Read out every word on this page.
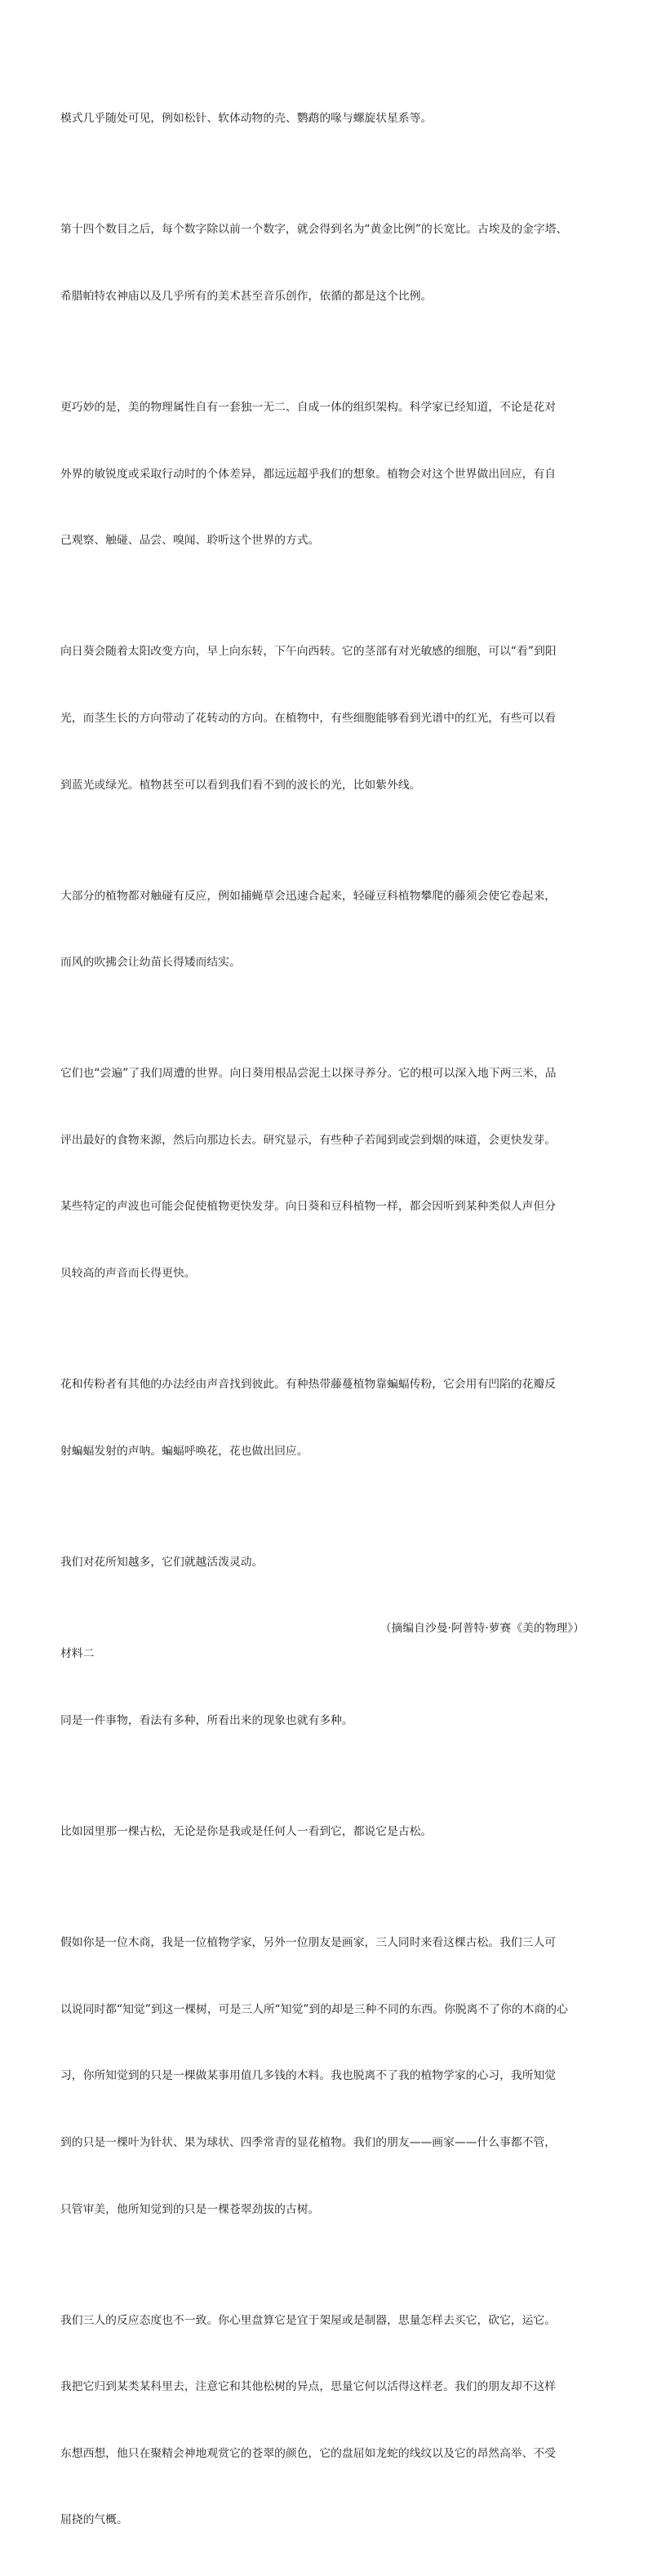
模式几乎随处可见，例如松针、软体动物的壳、鹦鹉的喙与螺旋状星系等。

第十四个数目之后，每个数字除以前一个数字，就会得到名为“黄金比例”的长宽比。古埃及的金字塔、

希腊帕特农神庙以及几乎所有的美术甚至音乐创作，依循的都是这个比例。

更巧妙的是，美的物理属性自有一套独一无二、自成一体的组织架构。科学家已经知道，不论是花对

外界的敏锐度或采取行动时的个体差异，都远远超乎我们的想象。植物会对这个世界做出回应，有自

己观察、触碰、品尝、嗅闻、聆听这个世界的方式。

向日葵会随着太阳改变方向，早上向东转，下午向西转。它的茎部有对光敏感的细胞，可以“看”到阳

光，而茎生长的方向带动了花转动的方向。在植物中，有些细胞能够看到光谱中的红光，有些可以看

到蓝光或绿光。植物甚至可以看到我们看不到的波长的光，比如紫外线。

大部分的植物都对触碰有反应，例如捕蝇草会迅速合起来，轻碰豆科植物攀爬的藤须会使它卷起来，

而风的吹拂会让幼苗长得矮而结实。

它们也“尝遍”了我们周遭的世界。向日葵用根品尝泥土以探寻养分。它的根可以深入地下两三米，品

评出最好的食物来源，然后向那边长去。研究显示，有些种子若闻到或尝到烟的味道，会更快发芽。

某些特定的声波也可能会促使植物更快发芽。向日葵和豆科植物一样，都会因听到某种类似人声但分

贝较高的声音而长得更快。

花和传粉者有其他的办法经由声音找到彼此。有种热带藤蔓植物靠蝙蝠传粉，它会用有凹陷的花瓣反

射蝙蝠发射的声呐。蝙蝠呼唤花，花也做出回应。

我们对花所知越多，它们就越活泼灵动。

（摘编自沙曼·阿普特·萝赛《美的物理》）

材料二

同是一件事物，看法有多种，所看出来的现象也就有多种。

比如园里那一棵古松，无论是你是我或是任何人一看到它，都说它是古松。

假如你是一位木商，我是一位植物学家，另外一位朋友是画家，三人同时来看这棵古松。我们三人可

以说同时都“知觉”到这一棵树，可是三人所“知觉”到的却是三种不同的东西。你脱离不了你的木商的心

习，你所知觉到的只是一棵做某事用值几多钱的木料。我也脱离不了我的植物学家的心习，我所知觉

到的只是一棵叶为针状、果为球状、四季常青的显花植物。我们的朋友——画家——什么事都不管，

只管审美，他所知觉到的只是一棵苍翠劲拔的古树。

我们三人的反应态度也不一致。你心里盘算它是宜于架屋或是制器，思量怎样去买它，砍它，运它。

我把它归到某类某科里去，注意它和其他松树的异点，思量它何以活得这样老。我们的朋友却不这样

东想西想，他只在聚精会神地观赏它的苍翠的颜色，它的盘屈如龙蛇的线纹以及它的昂然高举、不受

屈挠的气概。
